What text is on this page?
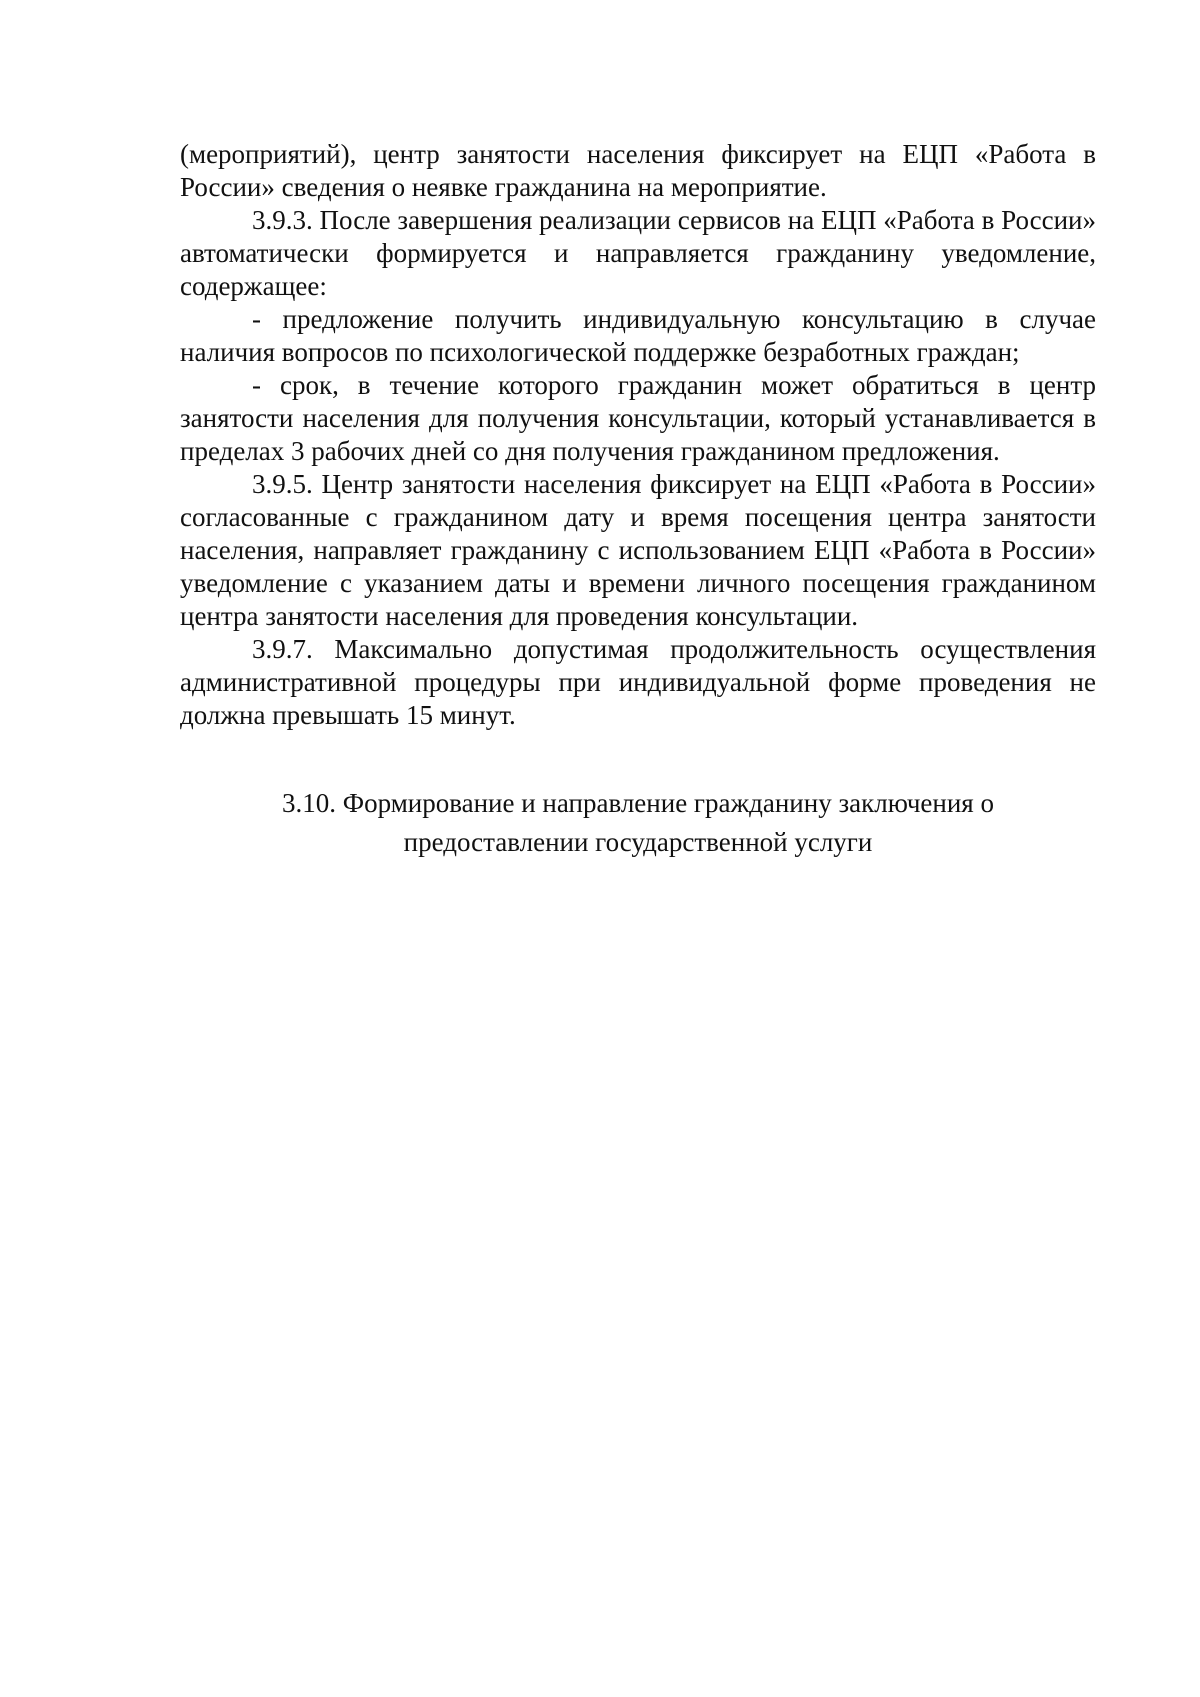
(мероприятий), центр занятости населения фиксирует на ЕЦП «Работа в России» сведения о неявке гражданина на мероприятие.

3.9.3. После завершения реализации сервисов на ЕЦП «Работа в России» автоматически формируется и направляется гражданину уведомление, содержащее:

- предложение получить индивидуальную консультацию в случае наличия вопросов по психологической поддержке безработных граждан;

- срок, в течение которого гражданин может обратиться в центр занятости населения для получения консультации, который устанавливается в пределах 3 рабочих дней со дня получения гражданином предложения.

3.9.5. Центр занятости населения фиксирует на ЕЦП «Работа в России» согласованные с гражданином дату и время посещения центра занятости населения, направляет гражданину с использованием ЕЦП «Работа в России» уведомление с указанием даты и времени личного посещения гражданином центра занятости населения для проведения консультации.

3.9.7. Максимально допустимая продолжительность осуществления административной процедуры при индивидуальной форме проведения не должна превышать 15 минут.

3.10. Формирование и направление гражданину заключения о
предоставлении государственной услуги
